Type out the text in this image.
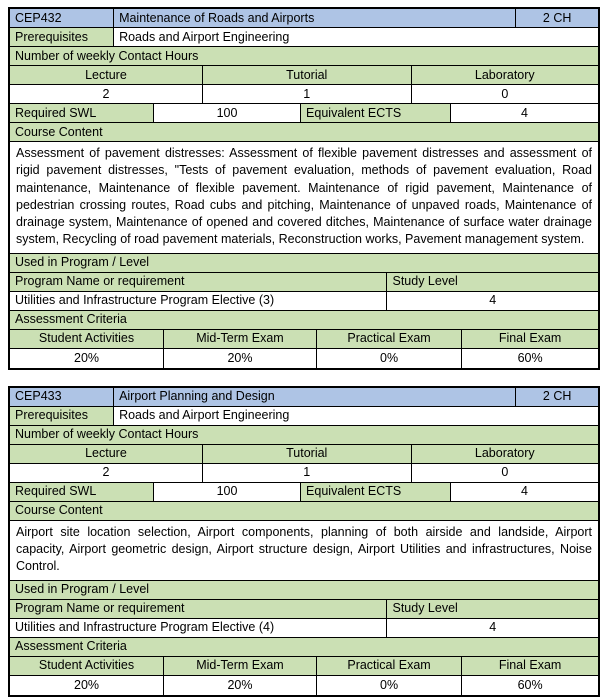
CEP432	Maintenance of Roads and Airports	2 CH
Prerequisites	Roads and Airport Engineering
Number of weekly Contact Hours
Lecture	Tutorial	Laboratory
2	1	0
Required SWL	100	Equivalent ECTS	4
Course Content
Assessment of pavement distresses: Assessment of flexible pavement distresses and assessment of rigid pavement distresses, "Tests of pavement evaluation, methods of pavement evaluation, Road maintenance, Maintenance of flexible pavement. Maintenance of rigid pavement, Maintenance of pedestrian crossing routes, Road cubs and pitching, Maintenance of unpaved roads, Maintenance of drainage system, Maintenance of opened and covered ditches, Maintenance of surface water drainage system, Recycling of road pavement materials, Reconstruction works, Pavement management system.
Used in Program / Level
Program Name or requirement	Study Level
Utilities and Infrastructure Program Elective (3)	4
Assessment Criteria
Student Activities	Mid-Term Exam	Practical Exam	Final Exam
20%	20%	0%	60%
CEP433	Airport Planning and Design	2 CH
Prerequisites	Roads and Airport Engineering
Number of weekly Contact Hours
Lecture	Tutorial	Laboratory
2	1	0
Required SWL	100	Equivalent ECTS	4
Course Content
Airport site location selection, Airport components, planning of both airside and landside, Airport capacity, Airport geometric design, Airport structure design, Airport Utilities and infrastructures, Noise Control.
Used in Program / Level
Program Name or requirement	Study Level
Utilities and Infrastructure Program Elective (4)	4
Assessment Criteria
Student Activities	Mid-Term Exam	Practical Exam	Final Exam
20%	20%	0%	60%
